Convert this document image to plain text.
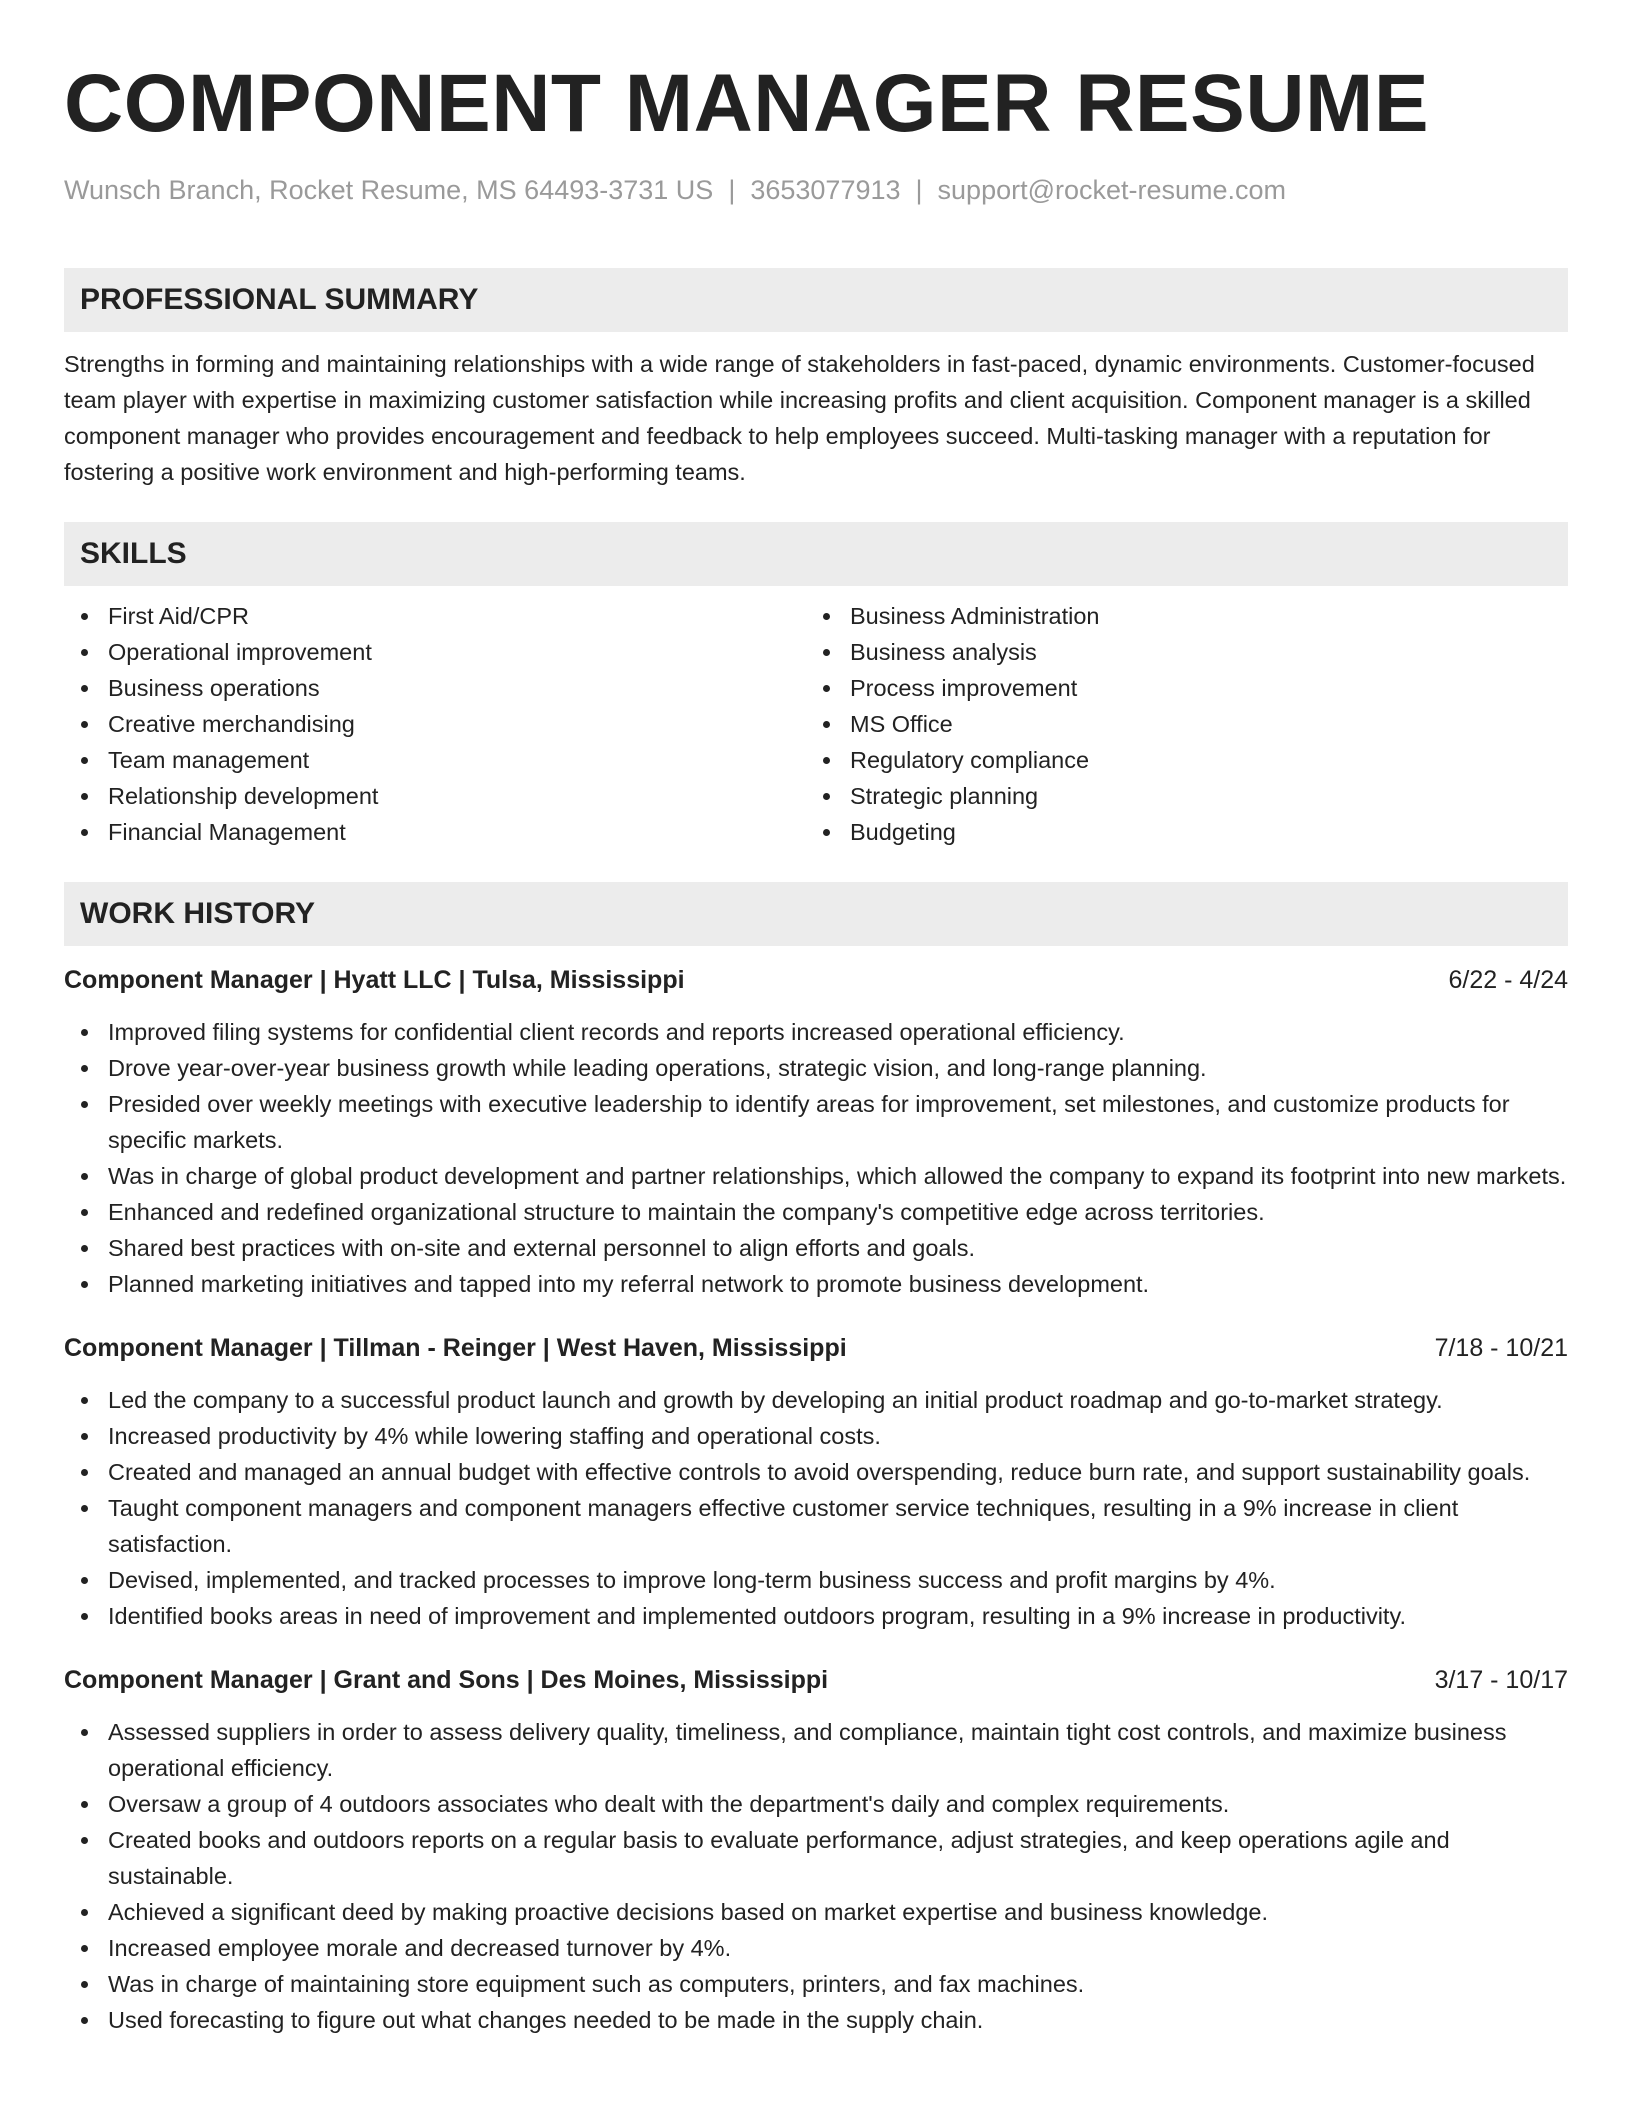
COMPONENT MANAGER RESUME
Wunsch Branch, Rocket Resume, MS 64493-3731 US | 3653077913 | support@rocket-resume.com
PROFESSIONAL SUMMARY

Strengths in forming and maintaining relationships with a wide range of stakeholders in fast-paced, dynamic environments. Customer-focused team player with expertise in maximizing customer satisfaction while increasing profits and client acquisition. Component manager is a skilled component manager who provides encouragement and feedback to help employees succeed. Multi-tasking manager with a reputation for fostering a positive work environment and high-performing teams.

SKILLS
First Aid/CPR
Operational improvement
Business operations
Creative merchandising
Team management
Relationship development
Financial Management
Business Administration
Business analysis
Process improvement
MS Office
Regulatory compliance
Strategic planning
Budgeting
WORK HISTORY
Component Manager | Hyatt LLC | Tulsa, Mississippi	6/22 - 4/24
Improved filing systems for confidential client records and reports increased operational efficiency.
Drove year-over-year business growth while leading operations, strategic vision, and long-range planning.
Presided over weekly meetings with executive leadership to identify areas for improvement, set milestones, and customize products for specific markets.
Was in charge of global product development and partner relationships, which allowed the company to expand its footprint into new markets.
Enhanced and redefined organizational structure to maintain the company's competitive edge across territories.
Shared best practices with on-site and external personnel to align efforts and goals.
Planned marketing initiatives and tapped into my referral network to promote business development.
Component Manager | Tillman - Reinger | West Haven, Mississippi	7/18 - 10/21
Led the company to a successful product launch and growth by developing an initial product roadmap and go-to-market strategy.
Increased productivity by 4% while lowering staffing and operational costs.
Created and managed an annual budget with effective controls to avoid overspending, reduce burn rate, and support sustainability goals.
Taught component managers and component managers effective customer service techniques, resulting in a 9% increase in client satisfaction.
Devised, implemented, and tracked processes to improve long-term business success and profit margins by 4%.
Identified books areas in need of improvement and implemented outdoors program, resulting in a 9% increase in productivity.
Component Manager | Grant and Sons | Des Moines, Mississippi	3/17 - 10/17
Assessed suppliers in order to assess delivery quality, timeliness, and compliance, maintain tight cost controls, and maximize business operational efficiency.
Oversaw a group of 4 outdoors associates who dealt with the department's daily and complex requirements.
Created books and outdoors reports on a regular basis to evaluate performance, adjust strategies, and keep operations agile and sustainable.
Achieved a significant deed by making proactive decisions based on market expertise and business knowledge.
Increased employee morale and decreased turnover by 4%.
Was in charge of maintaining store equipment such as computers, printers, and fax machines.
Used forecasting to figure out what changes needed to be made in the supply chain.
